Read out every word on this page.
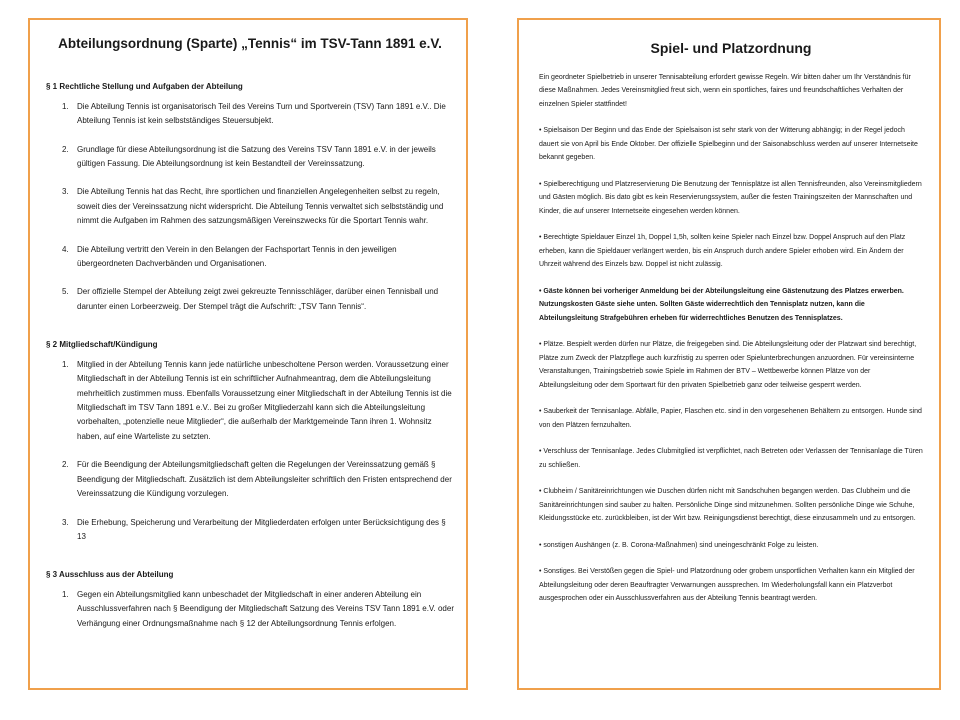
Abteilungsordnung (Sparte) „Tennis“ im TSV-Tann 1891 e.V.
§ 1 Rechtliche Stellung und Aufgaben der Abteilung
1. Die Abteilung Tennis ist organisatorisch Teil des Vereins Turn und Sportverein (TSV) Tann 1891 e.V.. Die Abteilung Tennis ist kein selbstständiges Steuersubjekt.
2. Grundlage für diese Abteilungsordnung ist die Satzung des Vereins TSV Tann 1891 e.V. in der jeweils gültigen Fassung. Die Abteilungsordnung ist kein Bestandteil der Vereinssatzung.
3. Die Abteilung Tennis hat das Recht, ihre sportlichen und finanziellen Angelegenheiten selbst zu regeln, soweit dies der Vereinssatzung nicht widerspricht. Die Abteilung Tennis verwaltet sich selbstständig und nimmt die Aufgaben im Rahmen des satzungsmäßigen Vereinszwecks für die Sportart Tennis wahr.
4. Die Abteilung vertritt den Verein in den Belangen der Fachsportart Tennis in den jeweiligen übergeordneten Dachverbänden und Organisationen.
5. Der offizielle Stempel der Abteilung zeigt zwei gekreuzte Tennisschläger, darüber einen Tennisball und darunter einen Lorbeerzweig. Der Stempel trägt die Aufschrift: „TSV Tann Tennis“.
§ 2 Mitgliedschaft/Kündigung
1. Mitglied in der Abteilung Tennis kann jede natürliche unbescholtene Person werden. Voraussetzung einer Mitgliedschaft in der Abteilung Tennis ist ein schriftlicher Aufnahmeantrag, dem die Abteilungsleitung mehrheitlich zustimmen muss. Ebenfalls Voraussetzung einer Mitgliedschaft in der Abteilung Tennis ist die Mitgliedschaft im TSV Tann 1891 e.V.. Bei zu großer Mitgliederzahl kann sich die Abteilungsleitung vorbehalten, „potenzielle neue Mitglieder“, die außerhalb der Marktgemeinde Tann ihren 1. Wohnsitz haben, auf eine Warteliste zu setzten.
2. Für die Beendigung der Abteilungsmitgliedschaft gelten die Regelungen der Vereinssatzung gemäß § Beendigung der Mitgliedschaft. Zusätzlich ist dem Abteilungsleiter schriftlich den Fristen entsprechend der Vereinssatzung die Kündigung vorzulegen.
3. Die Erhebung, Speicherung und Verarbeitung der Mitgliederdaten erfolgen unter Berücksichtigung des § 13
§ 3 Ausschluss aus der Abteilung
1. Gegen ein Abteilungsmitglied kann unbeschadet der Mitgliedschaft in einer anderen Abteilung ein Ausschlussverfahren nach § Beendigung der Mitgliedschaft Satzung des Vereins TSV Tann 1891 e.V. oder Verhängung einer Ordnungsmaßnahme nach § 12 der Abteilungsordnung Tennis erfolgen.
Spiel- und Platzordnung

Ein geordneter Spielbetrieb in unserer Tennisabteilung erfordert gewisse Regeln. Wir bitten daher um Ihr Verständnis für diese Maßnahmen. Jedes Vereinsmitglied freut sich, wenn ein sportliches, faires und freundschaftliches Verhalten der einzelnen Spieler stattfindet!

• Spielsaison Der Beginn und das Ende der Spielsaison ist sehr stark von der Witterung abhängig; in der Regel jedoch dauert sie von April bis Ende Oktober. Der offizielle Spielbeginn und der Saisonabschluss werden auf unserer Internetseite bekannt gegeben.

• Spielberechtigung und Platzreservierung Die Benutzung der Tennisplätze ist allen Tennisfreunden, also Vereinsmitgliedern und Gästen möglich. Bis dato gibt es kein Reservierungssystem, außer die festen Trainingszeiten der Mannschaften und Kinder, die auf unserer Internetseite eingesehen werden können.

• Berechtigte Spieldauer Einzel 1h, Doppel 1,5h, sollten keine Spieler nach Einzel bzw. Doppel Anspruch auf den Platz erheben, kann die Spieldauer verlängert werden, bis ein Anspruch durch andere Spieler erhoben wird. Ein Ändern der Uhrzeit während des Einzels bzw. Doppel ist nicht zulässig.

• Gäste können bei vorheriger Anmeldung bei der Abteilungsleitung eine Gästenutzung des Platzes erwerben. Nutzungskosten Gäste siehe unten. Sollten Gäste widerrechtlich den Tennisplatz nutzen, kann die Abteilungsleitung Strafgebühren erheben für widerrechtliches Benutzen des Tennisplatzes.

• Plätze. Bespielt werden dürfen nur Plätze, die freigegeben sind. Die Abteilungsleitung oder der Platzwart sind berechtigt, Plätze zum Zweck der Platzpflege auch kurzfristig zu sperren oder Spielunterbrechungen anzuordnen. Für vereinsinterne Veranstaltungen, Trainingsbetrieb sowie Spiele im Rahmen der BTV – Wettbewerbe können Plätze von der Abteilungsleitung oder dem Sportwart für den privaten Spielbetrieb ganz oder teilweise gesperrt werden.

• Sauberkeit der Tennisanlage. Abfälle, Papier, Flaschen etc. sind in den vorgesehenen Behältern zu entsorgen. Hunde sind von den Plätzen fernzuhalten.

• Verschluss der Tennisanlage. Jedes Clubmitglied ist verpflichtet, nach Betreten oder Verlassen der Tennisanlage die Türen zu schließen.

• Clubheim / Sanitäreinrichtungen wie Duschen dürfen nicht mit Sandschuhen begangen werden. Das Clubheim und die Sanitäreinrichtungen sind sauber zu halten. Persönliche Dinge sind mitzunehmen. Sollten persönliche Dinge wie Schuhe, Kleidungsstücke etc. zurückbleiben, ist der Wirt bzw. Reinigungsdienst berechtigt, diese einzusammeln und zu entsorgen.

• sonstigen Aushängen (z. B. Corona-Maßnahmen) sind uneingeschränkt Folge zu leisten.

• Sonstiges. Bei Verstößen gegen die Spiel- und Platzordnung oder grobem unsportlichen Verhalten kann ein Mitglied der Abteilungsleitung oder deren Beauftragter Verwarnungen aussprechen. Im Wiederholungsfall kann ein Platzverbot ausgesprochen oder ein Ausschlussverfahren aus der Abteilung Tennis beantragt werden.
